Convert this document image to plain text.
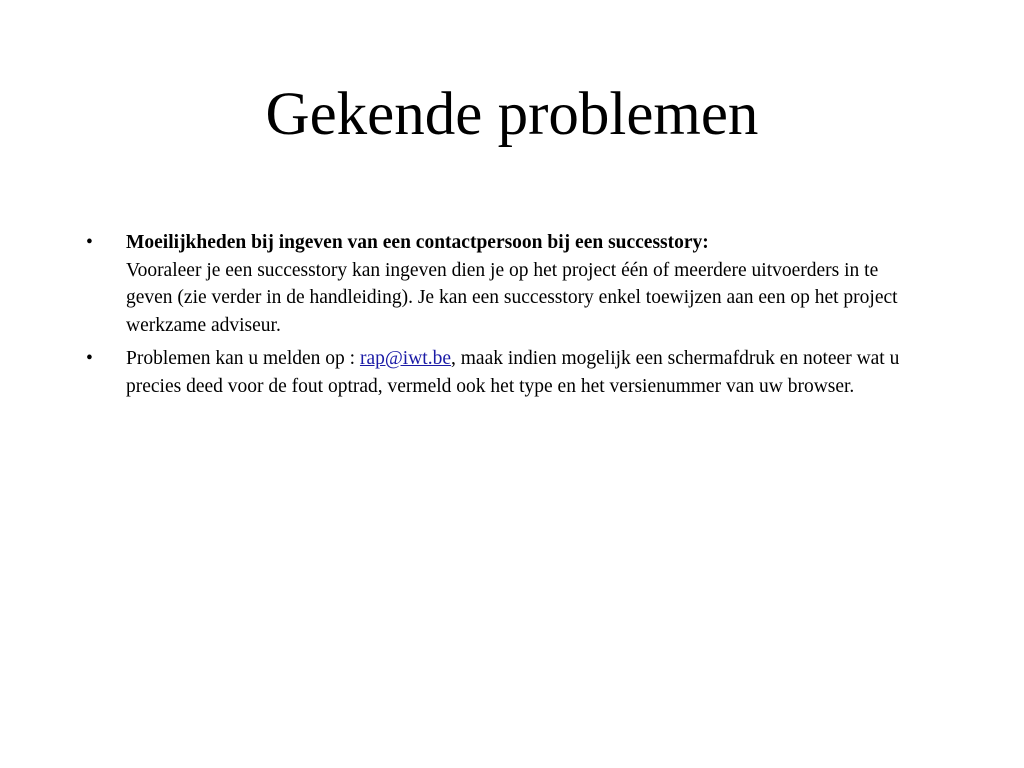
Gekende problemen
•	Moeilijkheden bij ingeven van een contactpersoon bij een successtory:
Vooraleer je een successtory kan ingeven dien je op het project één of meerdere uitvoerders in te geven (zie verder in de handleiding). Je kan een successtory enkel toewijzen aan een op het project werkzame adviseur.
•	Problemen kan u melden op : rap@iwt.be, maak indien mogelijk een schermafdruk en noteer wat u precies deed voor de fout optrad, vermeld ook het type en het versienummer van uw browser.
